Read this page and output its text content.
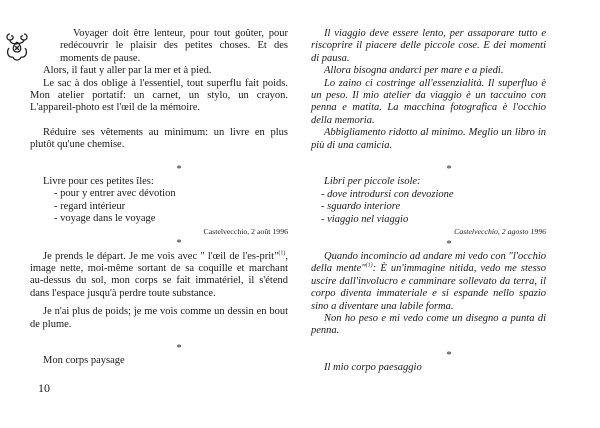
Voyager doit être lenteur, pour tout goûter, pour redécouvrir le plaisir des petites choses. Et des moments de pause.

Alors, il faut y aller par la mer et à pied.

Le sac à dos oblige à l'essentiel, tout superflu fait poids. Mon atelier portatif: un carnet, un stylo, un crayon. L'appareil-photo est l'œil de la mémoire.

Réduire ses vêtements au minimum: un livre en plus plutôt qu'une chemise.

*

Livre pour ces petites îles:

- pour y entrer avec dévotion

- regard intérieur

- voyage dans le voyage

Castelvecchio, 2 août 1996

*

Je prends le départ. Je me vois avec " l'œil de l'es-prit"$^{(1)}$, image nette, moi-même sortant de sa coquille et marchant au-dessus du sol, mon corps se fait immatériel, il s'étend dans l'espace jusqu'à perdre toute substance.

Je n'ai plus de poids; je me vois comme un dessin en bout de plume.

*

Mon corps paysage

Il viaggio deve essere lento, per assaporare tutto e riscoprire il piacere delle piccole cose. E dei momenti di pausa.

Allora bisogna andarci per mare e a piedi.

Lo zaino ci costringe all'essenzialità. Il superfluo è un peso. Il mio atelier da viaggio è un taccuino con penna e matita. La macchina fotografica è l'occhio della memoria.

Abbigliamento ridotto al minimo. Meglio un libro in più di una camicia.

*

Libri per piccole isole:

- dove introdursi con devozione

- sguardo interiore

- viaggio nel viaggio

Castelvecchio, 2 agosto 1996

*

Quando incomincio ad andare mi vedo con "l'occhio della mente"$^{(1)}$: È un'immagine nitida, vedo me stesso uscire dall'involucro e camminare sollevato da terra, il corpo diventa immateriale e si espande nello spazio sino a diventare una labile forma.

Non ho peso e mi vedo come un disegno a punta di penna.

*

Il mio corpo paesaggio

10
